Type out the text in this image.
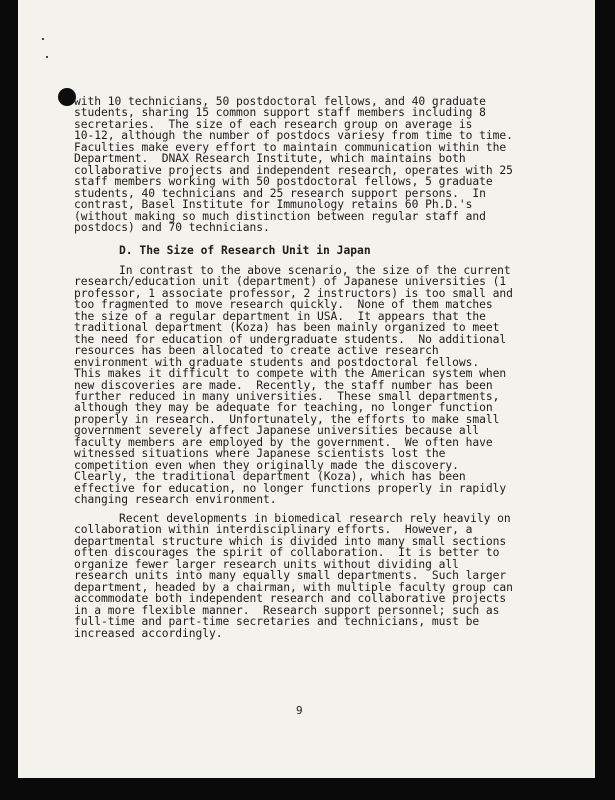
with 10 technicians, 50 postdoctoral fellows, and 40 graduate
students, sharing 15 common support staff members including 8
secretaries.  The size of each research group on average is
10-12, although the number of postdocs variesy from time to time.
Faculties make every effort to maintain communication within the
Department.  DNAX Research Institute, which maintains both
collaborative projects and independent research, operates with 25
staff members working with 50 postdoctoral fellows, 5 graduate
students, 40 technicians and 25 research support persons.  In
contrast, Basel Institute for Immunology retains 60 Ph.D.'s
(without making so much distinction between regular staff and
postdocs) and 70 technicians.
D. The Size of Research Unit in Japan
In contrast to the above scenario, the size of the current
research/education unit (department) of Japanese universities (1
professor, 1 associate professor, 2 instructors) is too small and
too fragmented to move research quickly.  None of them matches
the size of a regular department in USA.  It appears that the
traditional department (Koza) has been mainly organized to meet
the need for education of undergraduate students.  No additional
resources has been allocated to create active research
environment with graduate students and postdoctoral fellows.
This makes it difficult to compete with the American system when
new discoveries are made.  Recently, the staff number has been
further reduced in many universities.  These small departments,
although they may be adequate for teaching, no longer function
properly in research.  Unfortunately, the efforts to make small
government severely affect Japanese universities because all
faculty members are employed by the government.  We often have
witnessed situations where Japanese scientists lost the
competition even when they originally made the discovery.
Clearly, the traditional department (Koza), which has been
effective for education, no longer functions properly in rapidly
changing research environment.
Recent developments in biomedical research rely heavily on
collaboration within interdisciplinary efforts.  However, a
departmental structure which is divided into many small sections
often discourages the spirit of collaboration.  It is better to
organize fewer larger research units without dividing all
research units into many equally small departments.  Such larger
department, headed by a chairman, with multiple faculty group can
accommodate both independent research and collaborative projects
in a more flexible manner.  Research support personnel; such as
full-time and part-time secretaries and technicians, must be
increased accordingly.
9
